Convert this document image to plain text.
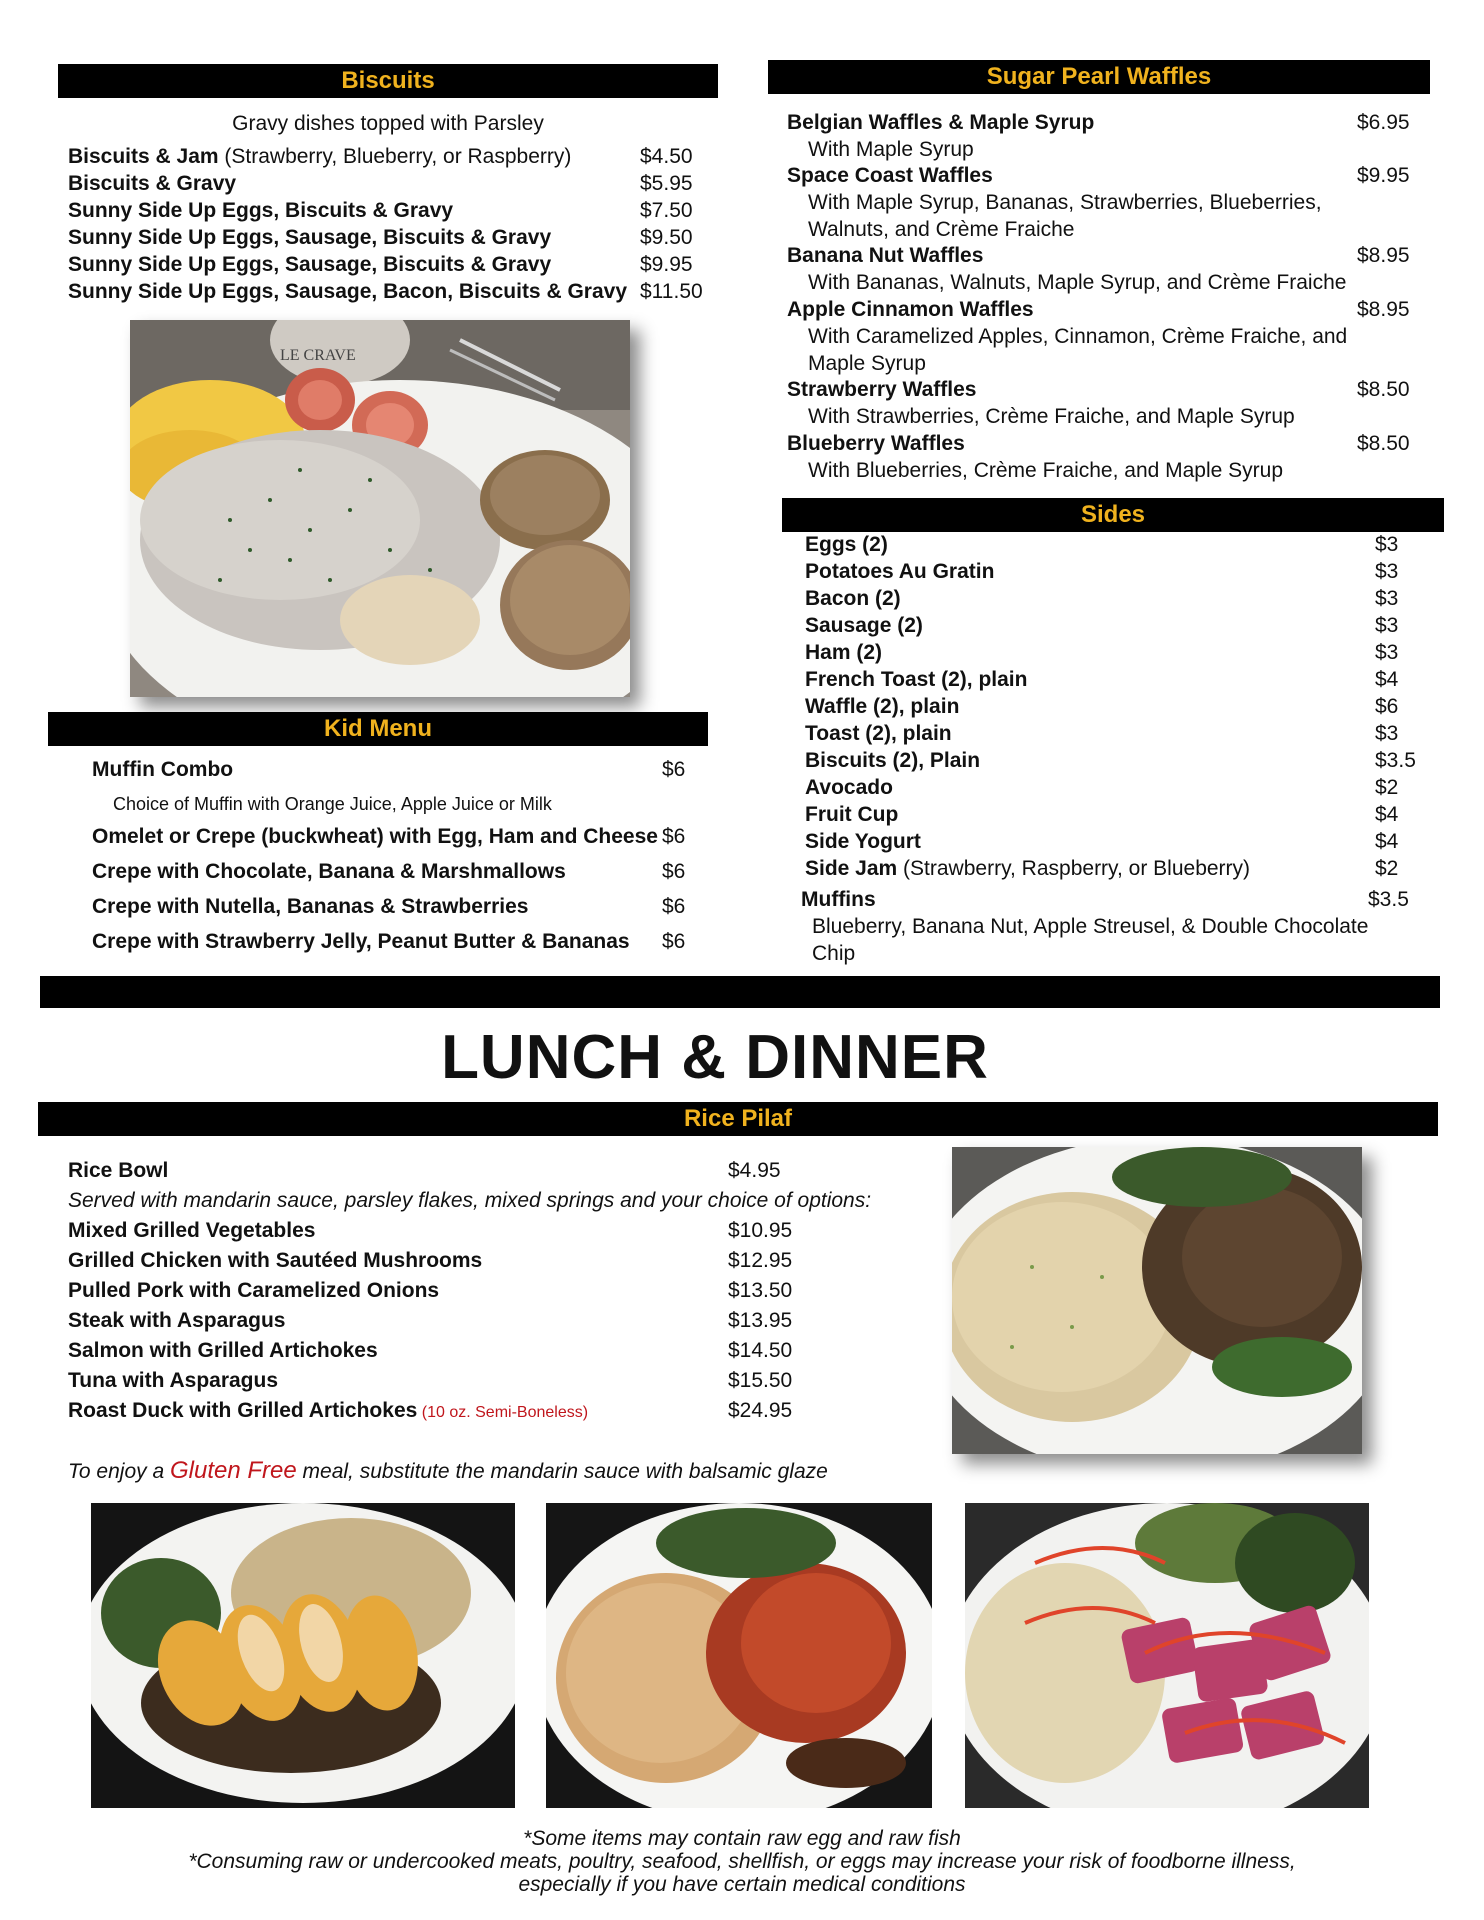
Biscuits
Gravy dishes topped with Parsley
Biscuits & Jam (Strawberry, Blueberry, or Raspberry)	$4.50
Biscuits & Gravy	$5.95
Sunny Side Up Eggs, Biscuits & Gravy	$7.50
Sunny Side Up Eggs, Sausage, Biscuits & Gravy	$9.50
Sunny Side Up Eggs, Sausage, Biscuits & Gravy	$9.95
Sunny Side Up Eggs, Sausage, Bacon, Biscuits & Gravy $11.50
LE CRAVE
Kid Menu
Muffin Combo	$6
Choice of Muffin with Orange Juice, Apple Juice or Milk
Omelet or Crepe (buckwheat) with Egg, Ham and Cheese $6
Crepe with Chocolate, Banana & Marshmallows	$6
Crepe with Nutella, Bananas & Strawberries	$6
Crepe with Strawberry Jelly, Peanut Butter & Bananas $6
Sugar Pearl Waffles
Belgian Waffles & Maple Syrup	$6.95
With Maple Syrup
Space Coast Waffles	$9.95
With Maple Syrup, Bananas, Strawberries, Blueberries,
Walnuts, and Crème Fraiche
Banana Nut Waffles	$8.95
With Bananas, Walnuts, Maple Syrup, and Crème Fraiche
Apple Cinnamon Waffles	$8.95
With Caramelized Apples, Cinnamon, Crème Fraiche, and
Maple Syrup
Strawberry Waffles	$8.50
With Strawberries, Crème Fraiche, and Maple Syrup
Blueberry Waffles	$8.50
With Blueberries, Crème Fraiche, and Maple Syrup
Sides
Eggs (2)	$3
Potatoes Au Gratin	$3
Bacon (2)	$3
Sausage (2)	$3
Ham (2)	$3
French Toast (2), plain	$4
Waffle (2), plain	$6
Toast (2), plain	$3
Biscuits (2), Plain	$3.5
Avocado	$2
Fruit Cup	$4
Side Yogurt	$4
Side Jam (Strawberry, Raspberry, or Blueberry)	$2
Muffins	$3.5
Blueberry, Banana Nut, Apple Streusel, & Double Chocolate
Chip
LUNCH & DINNER
Rice Pilaf
Rice Bowl	$4.95
Served with mandarin sauce, parsley flakes, mixed springs and your choice of options:
Mixed Grilled Vegetables	$10.95
Grilled Chicken with Sautéed Mushrooms	$12.95
Pulled Pork with Caramelized Onions	$13.50
Steak with Asparagus	$13.95
Salmon with Grilled Artichokes	$14.50
Tuna with Asparagus	$15.50
Roast Duck with Grilled Artichokes (10 oz. Semi-Boneless)	$24.95
To enjoy a Gluten Free meal, substitute the mandarin sauce with balsamic glaze
*Some items may contain raw egg and raw fish
*Consuming raw or undercooked meats, poultry, seafood, shellfish, or eggs may increase your risk of foodborne illness,
especially if you have certain medical conditions
